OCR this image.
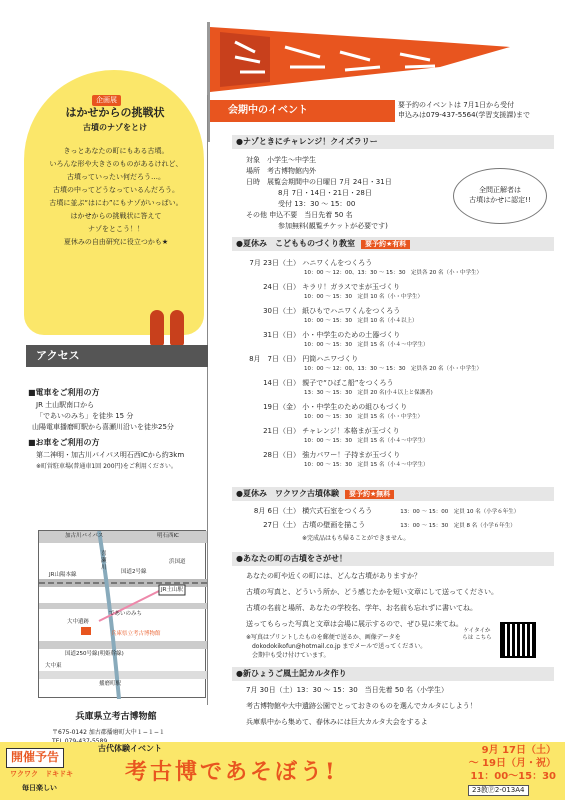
企画展
はかせからの挑戦状
古墳のナゾをとけ
きっとあなたの町にもある古墳。
いろんな形や大きさのものがあるけれど、
古墳っていったい何だろう…。
古墳の中ってどうなっているんだろう。
古墳に並ぶ“はにわ”にもナゾがいっぱい。
はかせからの挑戦状に答えて
ナゾをとこう！！
夏休みの自由研究に役立つかも★
アクセス
■電車をご利用の方
JR 土山駅南口から
「であいのみち」を徒歩 15 分
山陽電車播磨町駅から喜瀬川沿いを徒歩25分
■お車をご利用の方
第二神明・加古川バイパス明石西ICから約3km
※町営駐車場(普通車1回 200円)をご利用ください。
加古川バイパス	明石西IC
喜瀬川
国道2号線
JR山陽本線
JR土山駅
大中遺跡
であいのみち
兵庫県立考古博物館
国道250号線(明姫幹線)
播磨町駅
浜国道
大中東
兵庫県立考古博物館
〒675-0142 加古郡播磨町大中１−１−１
会期中のイベント	要予約のイベントは 7月1日から受付
申込みは079-437-5564(学習支援課)まで
●ナゾときにチャレンジ！クイズラリー
対象　小学生〜中学生
場所　考古博物館内外
日時　展覧会期間中の日曜日 7月 24日・31日
8月 7日・14日・21日・28日
受付 13：30 〜 15：00
その他 申込不要　当日先着 50 名
参加無料(観覧チケットが必要です)
全問正解者は
古墳はかせに認定!!
●夏休み　こどもものづくり教室 要予約★有料
7月 23日（土） ハニワくんをつくろう
10：00 〜 12：00、13：30 〜 15：30　定員各 20 名（小・中学生）
24日（日） キラリ！ガラスでまが玉づくり
10：00 〜 15：30　定員 10 名（小・中学生）
30日（土） 紙ひもでハニワくんをつくろう
10：00 〜 15：30　定員 10 名（小４以上）
31日（日） 小・中学生のための土器づくり
10：00 〜 15：30　定員 15 名（小４〜中学生）
8月　7日（日） 円筒ハニワづくり
10：00 〜 12：00、13：30 〜 15：30　定員各 20 名（小・中学生）
14日（日） 親子で“ひぼこ船”をつくろう
13：30 〜 15：30　定員 20 名(小４以上と保護者)
19日（金） 小・中学生のための組ひもづくり
10：00 〜 15：30　定員 15 名（小・中学生）
21日（日） チャレンジ！本格まが玉づくり
10：00 〜 15：30　定員 15 名（小４〜中学生）
28日（日） 強力パワー！子持まが玉づくり
10：00 〜 15：30　定員 15 名（小４〜中学生）
●夏休み　ワクワク古墳体験 要予約★無料
8月 6日（土） 横穴式石室をつくろう	13：00 〜 15：00　定員 10 名（小学６年生）
27日（土） 古墳の壁画を描こう	13：00 〜 15：30　定員 8 名（小学６年生）
※完成品はもち帰ることができません。
●あなたの町の古墳をさがせ！
あなたの町や近くの町には、どんな古墳がありますか？
古墳の写真と、どういう所か、どう感じたかを短い文章にして送ってください。
古墳の名前と場所、あなたの学校名、学年、お名前も忘れずに書いてね。
送ってもらった写真と文章は会場に展示するので、ぜひ見に来てね。
※写真はプリントしたものを郵便で送るか、画像データを
dokodokikofun@hotmail.co.jp までメールで送ってください。
会期中も受け付けています。
ケイタイからは こちら
●新ひょうご風土記カルタ作り
7月 30日（土）13：30 〜 15：30　当日先着 50 名（小学生）
考古博物館や大中遺跡公園でとっておきのものを選んでカルタにしよう！
兵庫県中から集めて、春休みには巨大カルタ大会をするよ
開催予告
ワクワク　ドキドキ
毎日楽しい
古代体験イベント
考古博であそぼう!
9月 17日（土）
〜 19日（月・祝）
11：00〜15：30
23教Ⓟ2-013A4
